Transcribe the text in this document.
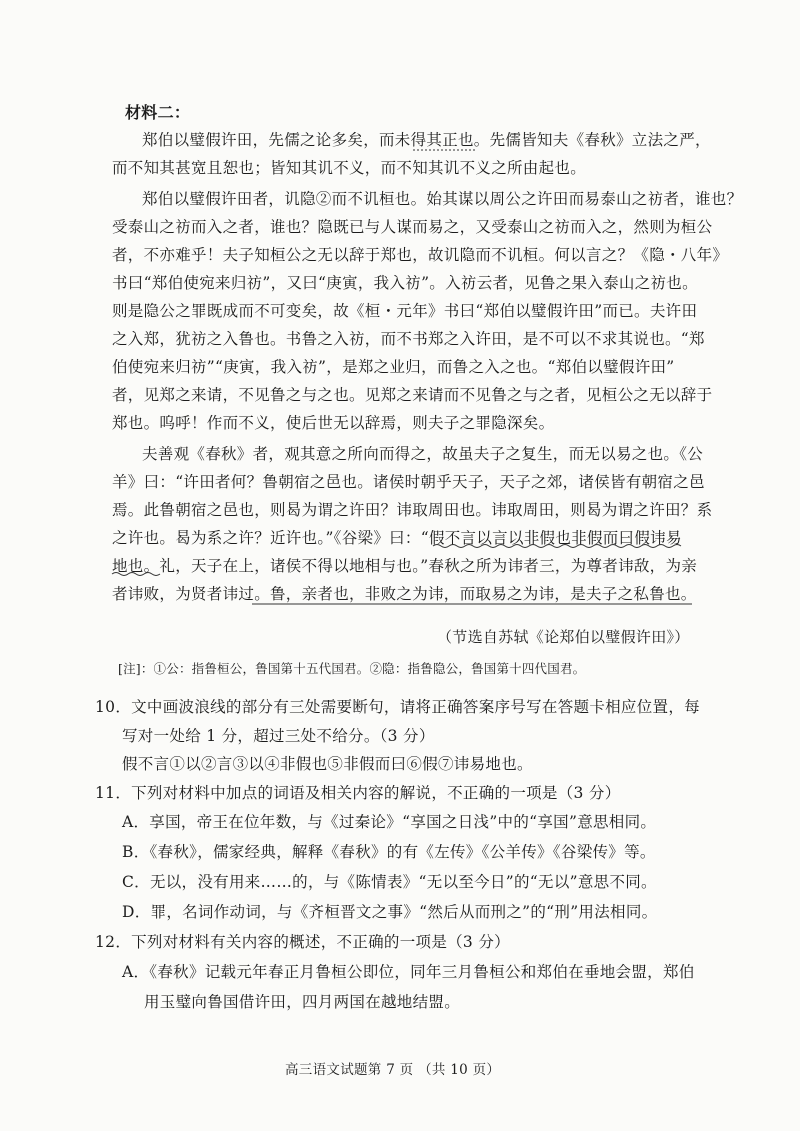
材料二：
郑伯以璧假许田，先儒之论多矣，而未得其正也。先儒皆知夫《春秋》立法之严，
而不知其甚宽且恕也；皆知其讥不义，而不知其讥不义之所由起也。
郑伯以璧假许田者，讥隐②而不讥桓也。始其谋以周公之许田而易泰山之祊者，谁也？
受泰山之祊而入之者，谁也？隐既已与人谋而易之，又受泰山之祊而入之，然则为桓公
者，不亦难乎！夫子知桓公之无以辞于郑也，故讥隐而不讥桓。何以言之？《隐・八年》
书曰“郑伯使宛来归祊”，又曰“庚寅，我入祊”。入祊云者，见鲁之果入泰山之祊也。
则是隐公之罪既成而不可变矣，故《桓・元年》书曰“郑伯以璧假许田”而已。夫许田
之入郑，犹祊之入鲁也。书鲁之入祊，而不书郑之入许田，是不可以不求其说也。“郑
伯使宛来归祊”“庚寅，我入祊”，是郑之业归，而鲁之入之也。“郑伯以璧假许田”
者，见郑之来请，不见鲁之与之也。见郑之来请而不见鲁之与之者，见桓公之无以辞于
郑也。呜呼！作而不义，使后世无以辞焉，则夫子之罪隐深矣。
夫善观《春秋》者，观其意之所向而得之，故虽夫子之复生，而无以易之也。《公
羊》曰：“许田者何？鲁朝宿之邑也。诸侯时朝乎天子，天子之郊，诸侯皆有朝宿之邑
焉。此鲁朝宿之邑也，则曷为谓之许田？讳取周田也。讳取周田，则曷为谓之许田？系
之许也。曷为系之许？近许也。”《谷梁》曰：“假不言以言以非假也非假而曰假讳易
地也。礼，天子在上，诸侯不得以地相与也。”春秋之所为讳者三，为尊者讳敌，为亲
者讳败，为贤者讳过。鲁，亲者也，非败之为讳，而取易之为讳，是夫子之私鲁也。
（节选自苏轼《论郑伯以璧假许田》）
[注]：①公：指鲁桓公，鲁国第十五代国君。②隐：指鲁隐公，鲁国第十四代国君。
10．文中画波浪线的部分有三处需要断句，请将正确答案序号写在答题卡相应位置，每
写对一处给 1 分，超过三处不给分。（3 分）
假不言①以②言③以④非假也⑤非假而曰⑥假⑦讳易地也。
11．下列对材料中加点的词语及相关内容的解说，不正确的一项是（3 分）
A．享国，帝王在位年数，与《过秦论》“享国之日浅”中的“享国”意思相同。
B．《春秋》，儒家经典，解释《春秋》的有《左传》《公羊传》《谷梁传》等。
C．无以，没有用来……的，与《陈情表》“无以至今日”的“无以”意思不同。
D．罪，名词作动词，与《齐桓晋文之事》“然后从而刑之”的“刑”用法相同。
12．下列对材料有关内容的概述，不正确的一项是（3 分）
A．《春秋》记载元年春正月鲁桓公即位，同年三月鲁桓公和郑伯在垂地会盟，郑伯
用玉璧向鲁国借许田，四月两国在越地结盟。
高三语文试题第 7 页 （共 10 页）
